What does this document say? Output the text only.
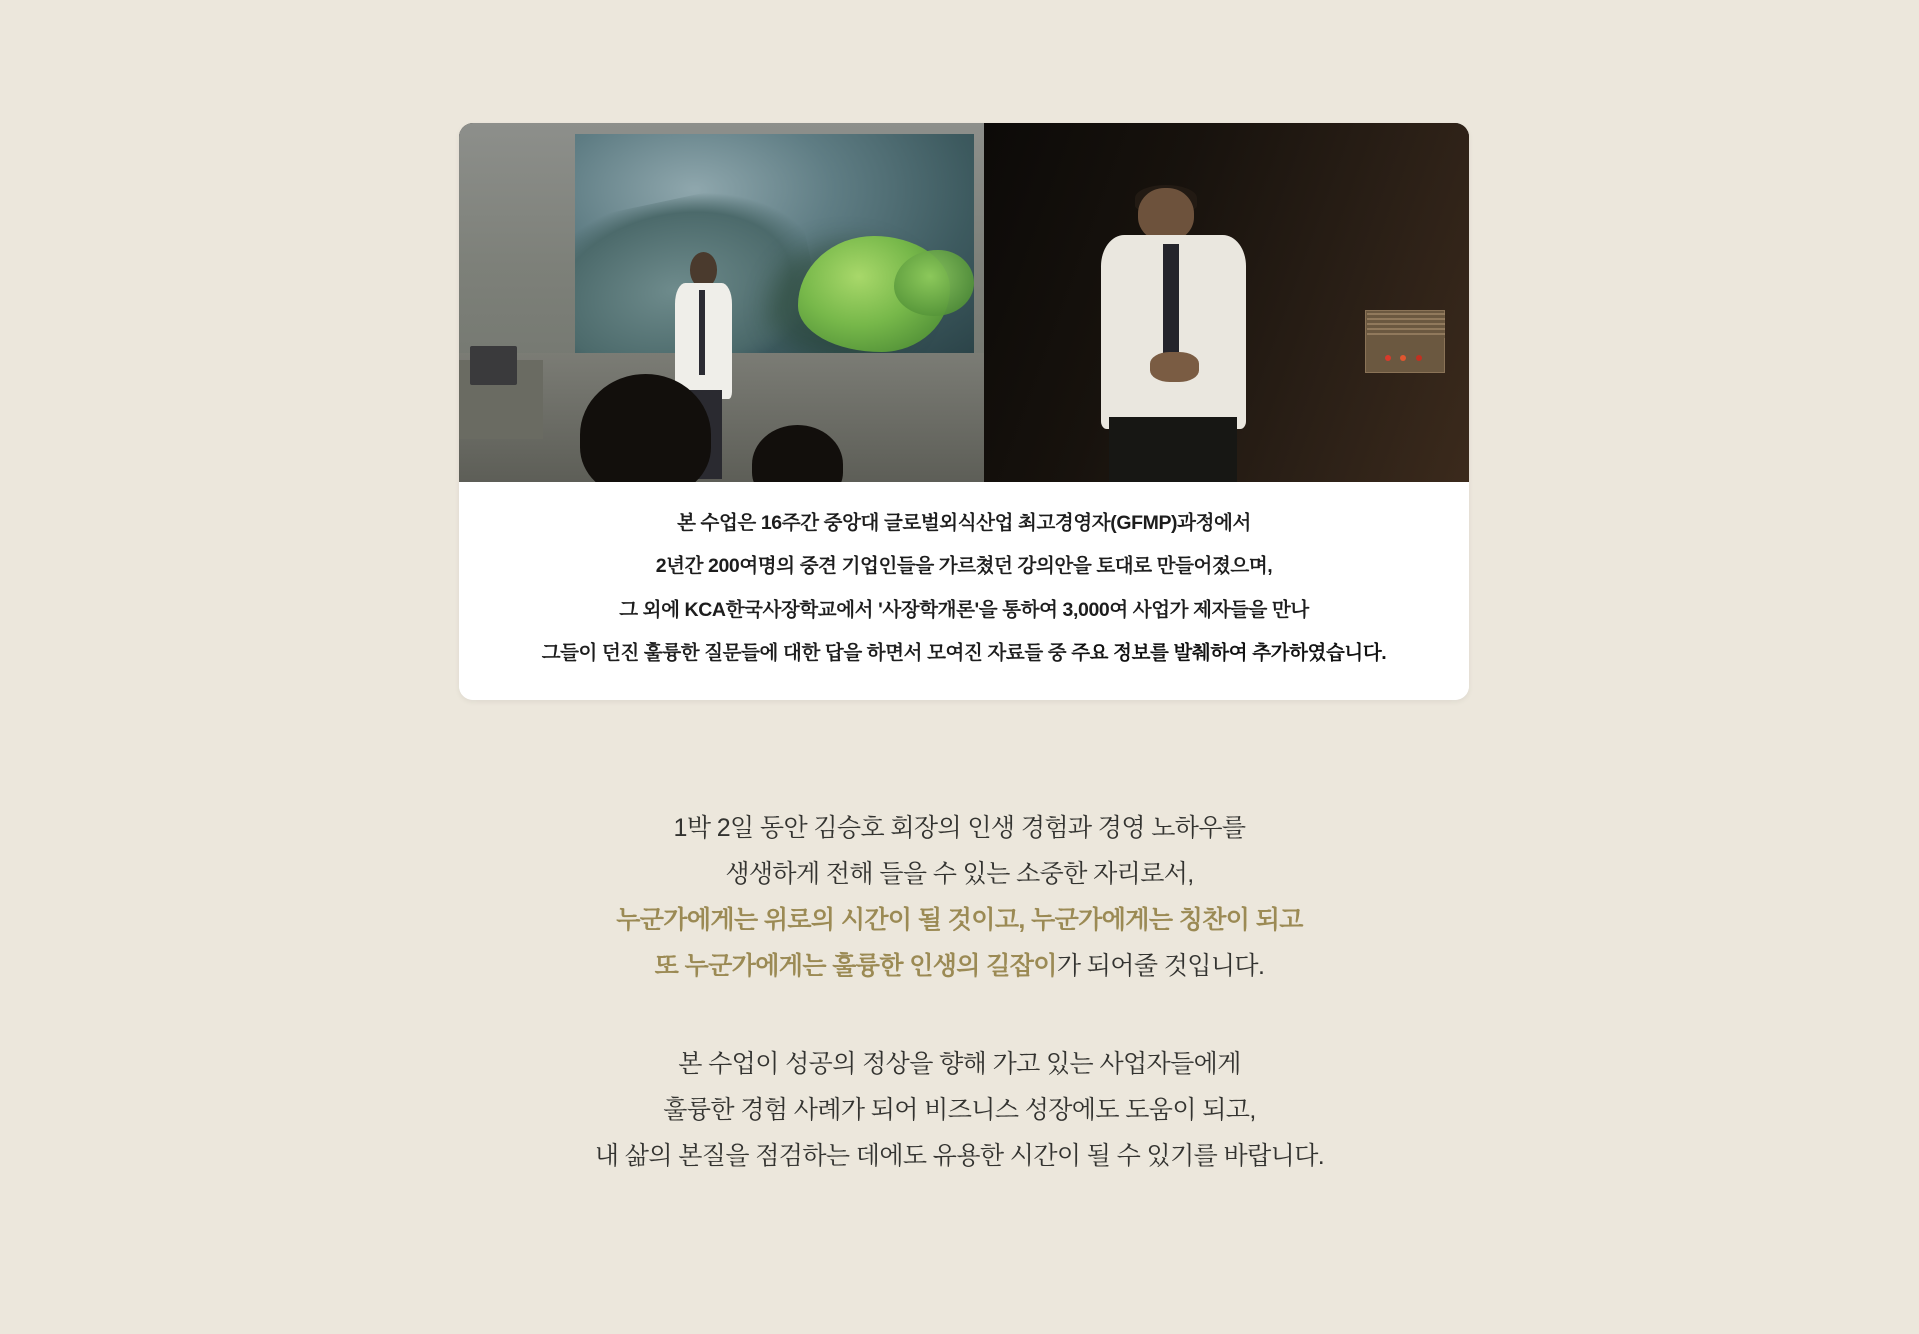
본 수업은 16주간 중앙대 글로벌외식산업 최고경영자(GFMP)과정에서

2년간 200여명의 중견 기업인들을 가르쳤던 강의안을 토대로 만들어졌으며,

그 외에 KCA한국사장학교에서 '사장학개론'을 통하여 3,000여 사업가 제자들을 만나

그들이 던진 훌륭한 질문들에 대한 답을 하면서 모여진 자료들 중 주요 정보를 발췌하여 추가하였습니다.

1박 2일 동안 김승호 회장의 인생 경험과 경영 노하우를
생생하게 전해 들을 수 있는 소중한 자리로서,
누군가에게는 위로의 시간이 될 것이고, 누군가에게는 칭찬이 되고
또 누군가에게는 훌륭한 인생의 길잡이가 되어줄 것입니다.
본 수업이 성공의 정상을 향해 가고 있는 사업자들에게
훌륭한 경험 사례가 되어 비즈니스 성장에도 도움이 되고,
내 삶의 본질을 점검하는 데에도 유용한 시간이 될 수 있기를 바랍니다.
